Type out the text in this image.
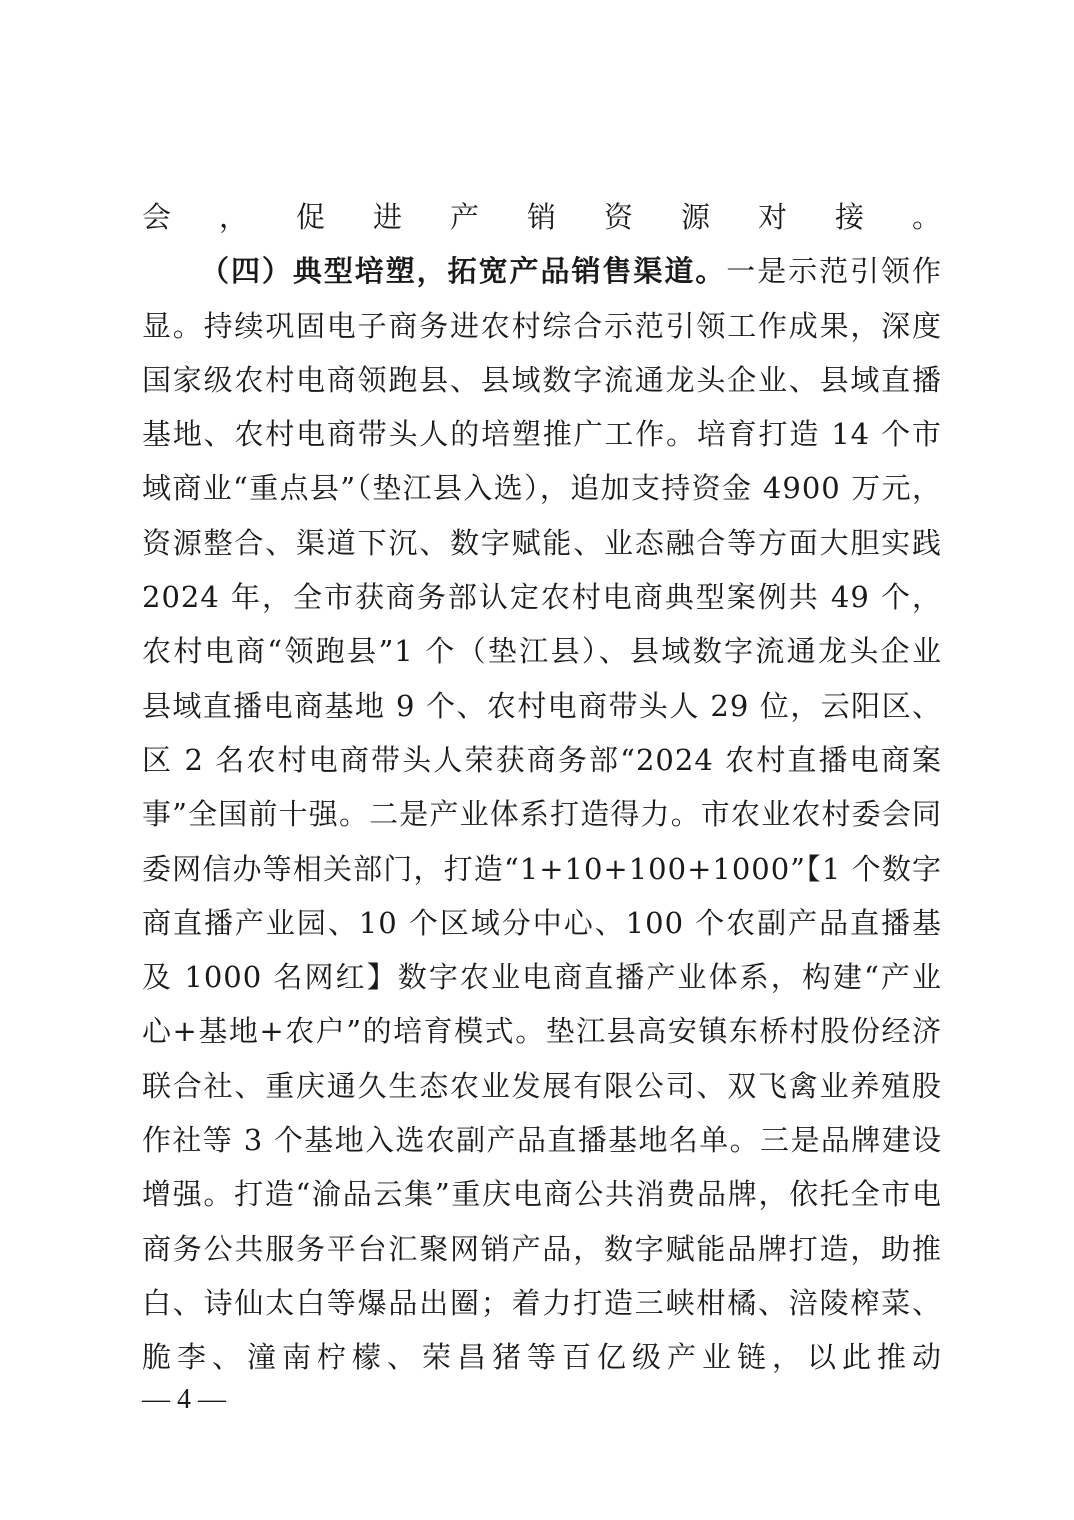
会，促进产销资源对接。
（四）典型培塑，拓宽产品销售渠道。一是示范引领作
显。持续巩固电子商务进农村综合示范引领工作成果，深度
国家级农村电商领跑县、县域数字流通龙头企业、县域直播
基地、农村电商带头人的培塑推广工作。培育打造 14 个市
域商业“重点县”（垫江县入选），追加支持资金 4900 万元，
资源整合、渠道下沉、数字赋能、业态融合等方面大胆实践
2024 年，全市获商务部认定农村电商典型案例共 49 个，
农村电商“领跑县”1 个（垫江县）、县域数字流通龙头企业
县域直播电商基地 9 个、农村电商带头人 29 位，云阳区、
区 2 名农村电商带头人荣获商务部“2024 农村直播电商案
事”全国前十强。二是产业体系打造得力。市农业农村委会同
委网信办等相关部门，打造“1+10+100+1000”【1 个数字
商直播产业园、10 个区域分中心、100 个农副产品直播基
及 1000 名网红】数字农业电商直播产业体系，构建“产业
心+基地+农户”的培育模式。垫江县高安镇东桥村股份经济
联合社、重庆通久生态农业发展有限公司、双飞禽业养殖股
作社等 3 个基地入选农副产品直播基地名单。三是品牌建设
增强。打造“渝品云集”重庆电商公共消费品牌，依托全市电
商务公共服务平台汇聚网销产品，数字赋能品牌打造，助推
白、诗仙太白等爆品出圈；着力打造三峡柑橘、涪陵榨菜、
脆李、潼南柠檬、荣昌猪等百亿级产业链，以此推动
— 4 —
